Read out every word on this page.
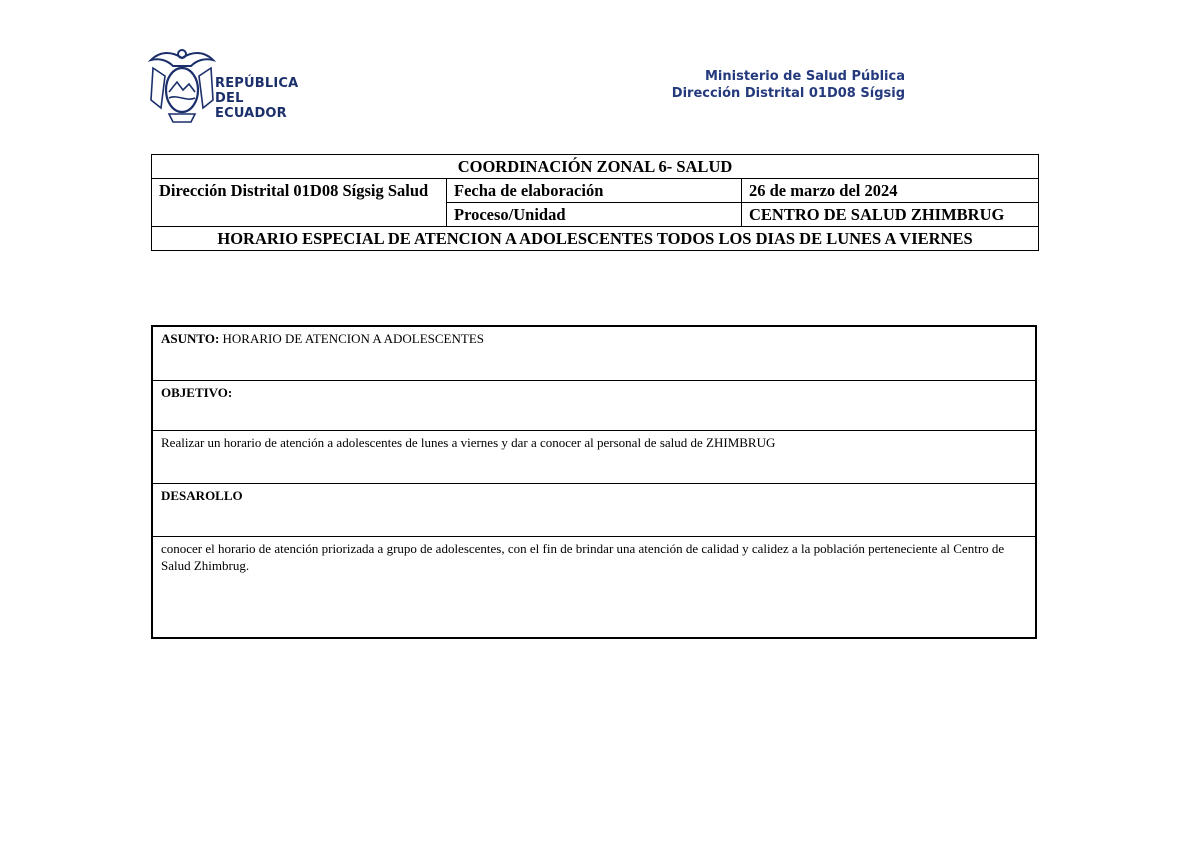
REPÚBLICA
DEL ECUADOR
Ministerio de Salud Pública
Dirección Distrital 01D08 Sígsig
COORDINACIÓN ZONAL 6- SALUD		
Dirección Distrital 01D08 Sígsig Salud	Fecha de elaboración	26 de marzo del 2024
	Proceso/Unidad	CENTRO DE SALUD ZHIMBRUG
HORARIO ESPECIAL DE ATENCION A ADOLESCENTES TODOS LOS DIAS DE LUNES A VIERNES		
ASUNTO: HORARIO DE ATENCION A ADOLESCENTES
OBJETIVO:
Realizar un horario de atención a adolescentes de lunes a viernes y dar a conocer al personal de salud de ZHIMBRUG
DESAROLLO
conocer el horario de atención priorizada a grupo de adolescentes, con el fin de brindar una atención de calidad y calidez a la población perteneciente al Centro de Salud Zhimbrug.
